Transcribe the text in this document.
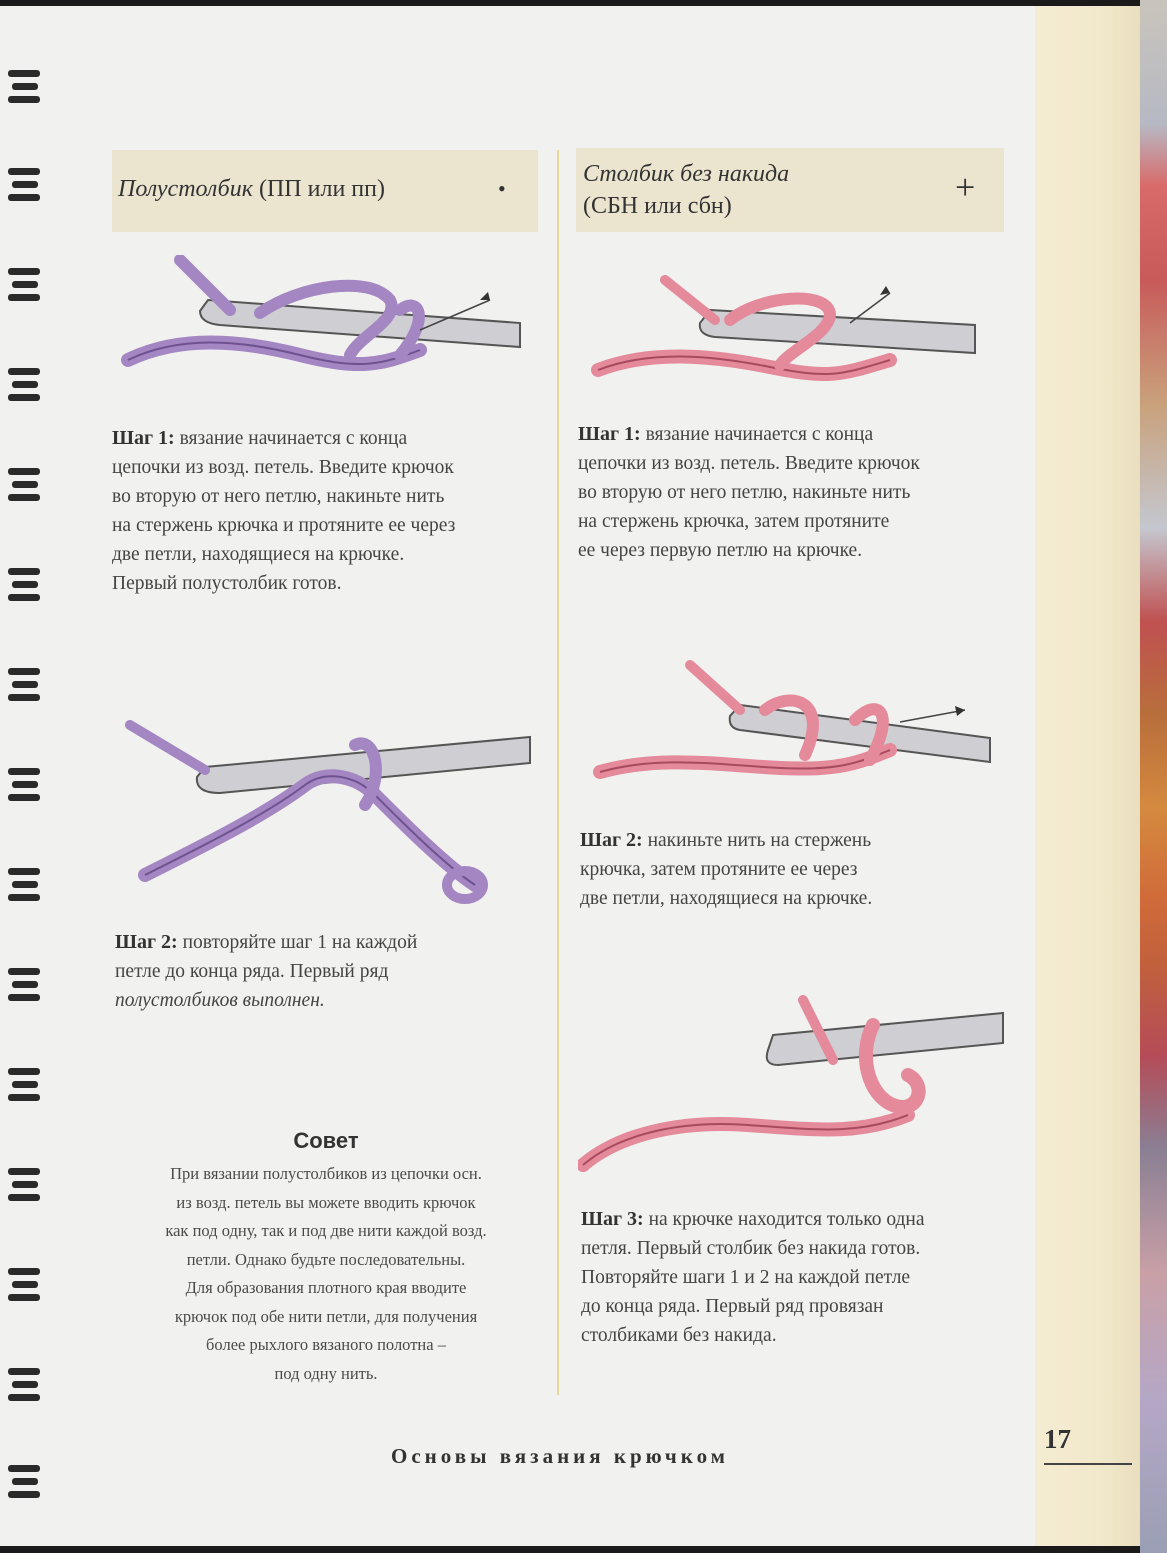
Полустолбик (ПП или пп)	•
Столбик без накида
(СБН или сбн)	+
Шаг 1: вязание начинается с конца
цепочки из возд. петель. Введите крючок
во вторую от него петлю, накиньте нить
на стержень крючка и протяните ее через
две петли, находящиеся на крючке.
Первый полустолбик готов.
Шаг 2: повторяйте шаг 1 на каждой
петле до конца ряда. Первый ряд
полустолбиков выполнен.
Шаг 1: вязание начинается с конца
цепочки из возд. петель. Введите крючок
во вторую от него петлю, накиньте нить
на стержень крючка, затем протяните
ее через первую петлю на крючке.
Шаг 2: накиньте нить на стержень
крючка, затем протяните ее через
две петли, находящиеся на крючке.
Шаг 3: на крючке находится только одна
петля. Первый столбик без накида готов.
Повторяйте шаги 1 и 2 на каждой петле
до конца ряда. Первый ряд провязан
столбиками без накида.
Совет
При вязании полустолбиков из цепочки осн.
из возд. петель вы можете вводить крючок
как под одну, так и под две нити каждой возд.
петли. Однако будьте последовательны.
Для образования плотного края вводите
крючок под обе нити петли, для получения
более рыхлого вязаного полотна –
под одну нить.
Основы вязания крючком
17
